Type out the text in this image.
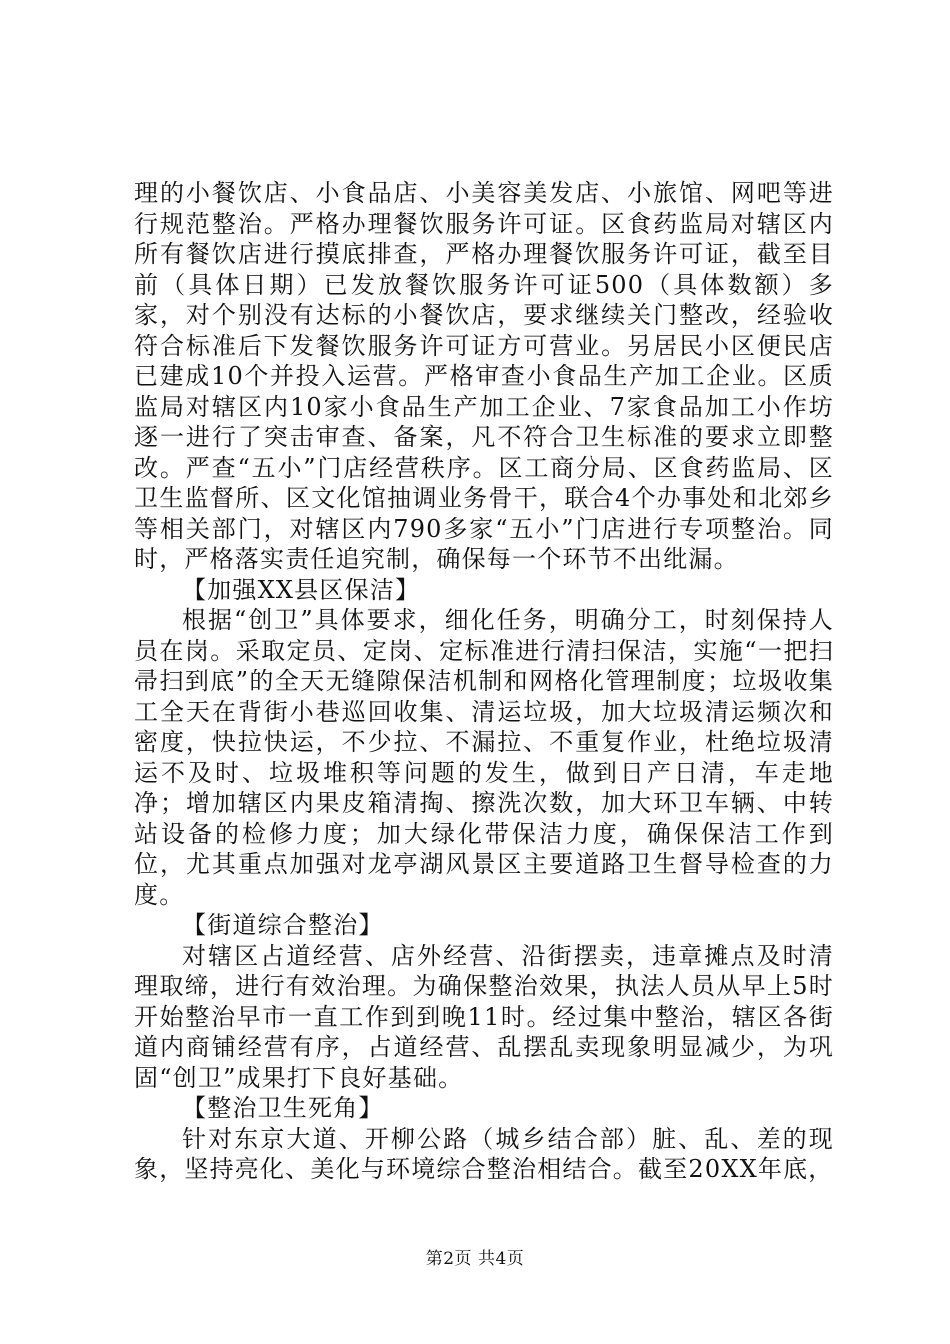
理的小餐饮店、小食品店、小美容美发店、小旅馆、网吧等进行规范整治。严格办理餐饮服务许可证。区食药监局对辖区内所有餐饮店进行摸底排查，严格办理餐饮服务许可证，截至目前（具体日期）已发放餐饮服务许可证500（具体数额）多家，对个别没有达标的小餐饮店，要求继续关门整改，经验收符合标准后下发餐饮服务许可证方可营业。另居民小区便民店已建成10个并投入运营。严格审查小食品生产加工企业。区质监局对辖区内10家小食品生产加工企业、7家食品加工小作坊逐一进行了突击审查、备案，凡不符合卫生标准的要求立即整改。严查“五小”门店经营秩序。区工商分局、区食药监局、区卫生监督所、区文化馆抽调业务骨干，联合4个办事处和北郊乡等相关部门，对辖区内790多家“五小”门店进行专项整治。同时，严格落实责任追究制，确保每一个环节不出纰漏。

【加强XX县区保洁】

根据“创卫”具体要求，细化任务，明确分工，时刻保持人员在岗。采取定员、定岗、定标准进行清扫保洁，实施“一把扫帚扫到底”的全天无缝隙保洁机制和网格化管理制度；垃圾收集工全天在背街小巷巡回收集、清运垃圾，加大垃圾清运频次和密度，快拉快运，不少拉、不漏拉、不重复作业，杜绝垃圾清运不及时、垃圾堆积等问题的发生，做到日产日清，车走地净；增加辖区内果皮箱清掏、擦洗次数，加大环卫车辆、中转站设备的检修力度；加大绿化带保洁力度，确保保洁工作到位，尤其重点加强对龙亭湖风景区主要道路卫生督导检查的力度。

【街道综合整治】

对辖区占道经营、店外经营、沿街摆卖，违章摊点及时清理取缔，进行有效治理。为确保整治效果，执法人员从早上5时开始整治早市一直工作到到晚11时。经过集中整治，辖区各街道内商铺经营有序，占道经营、乱摆乱卖现象明显减少，为巩固“创卫”成果打下良好基础。

【整治卫生死角】

针对东京大道、开柳公路（城乡结合部）脏、乱、差的现象，坚持亮化、美化与环境综合整治相结合。截至20XX年底，

第2页 共4页
